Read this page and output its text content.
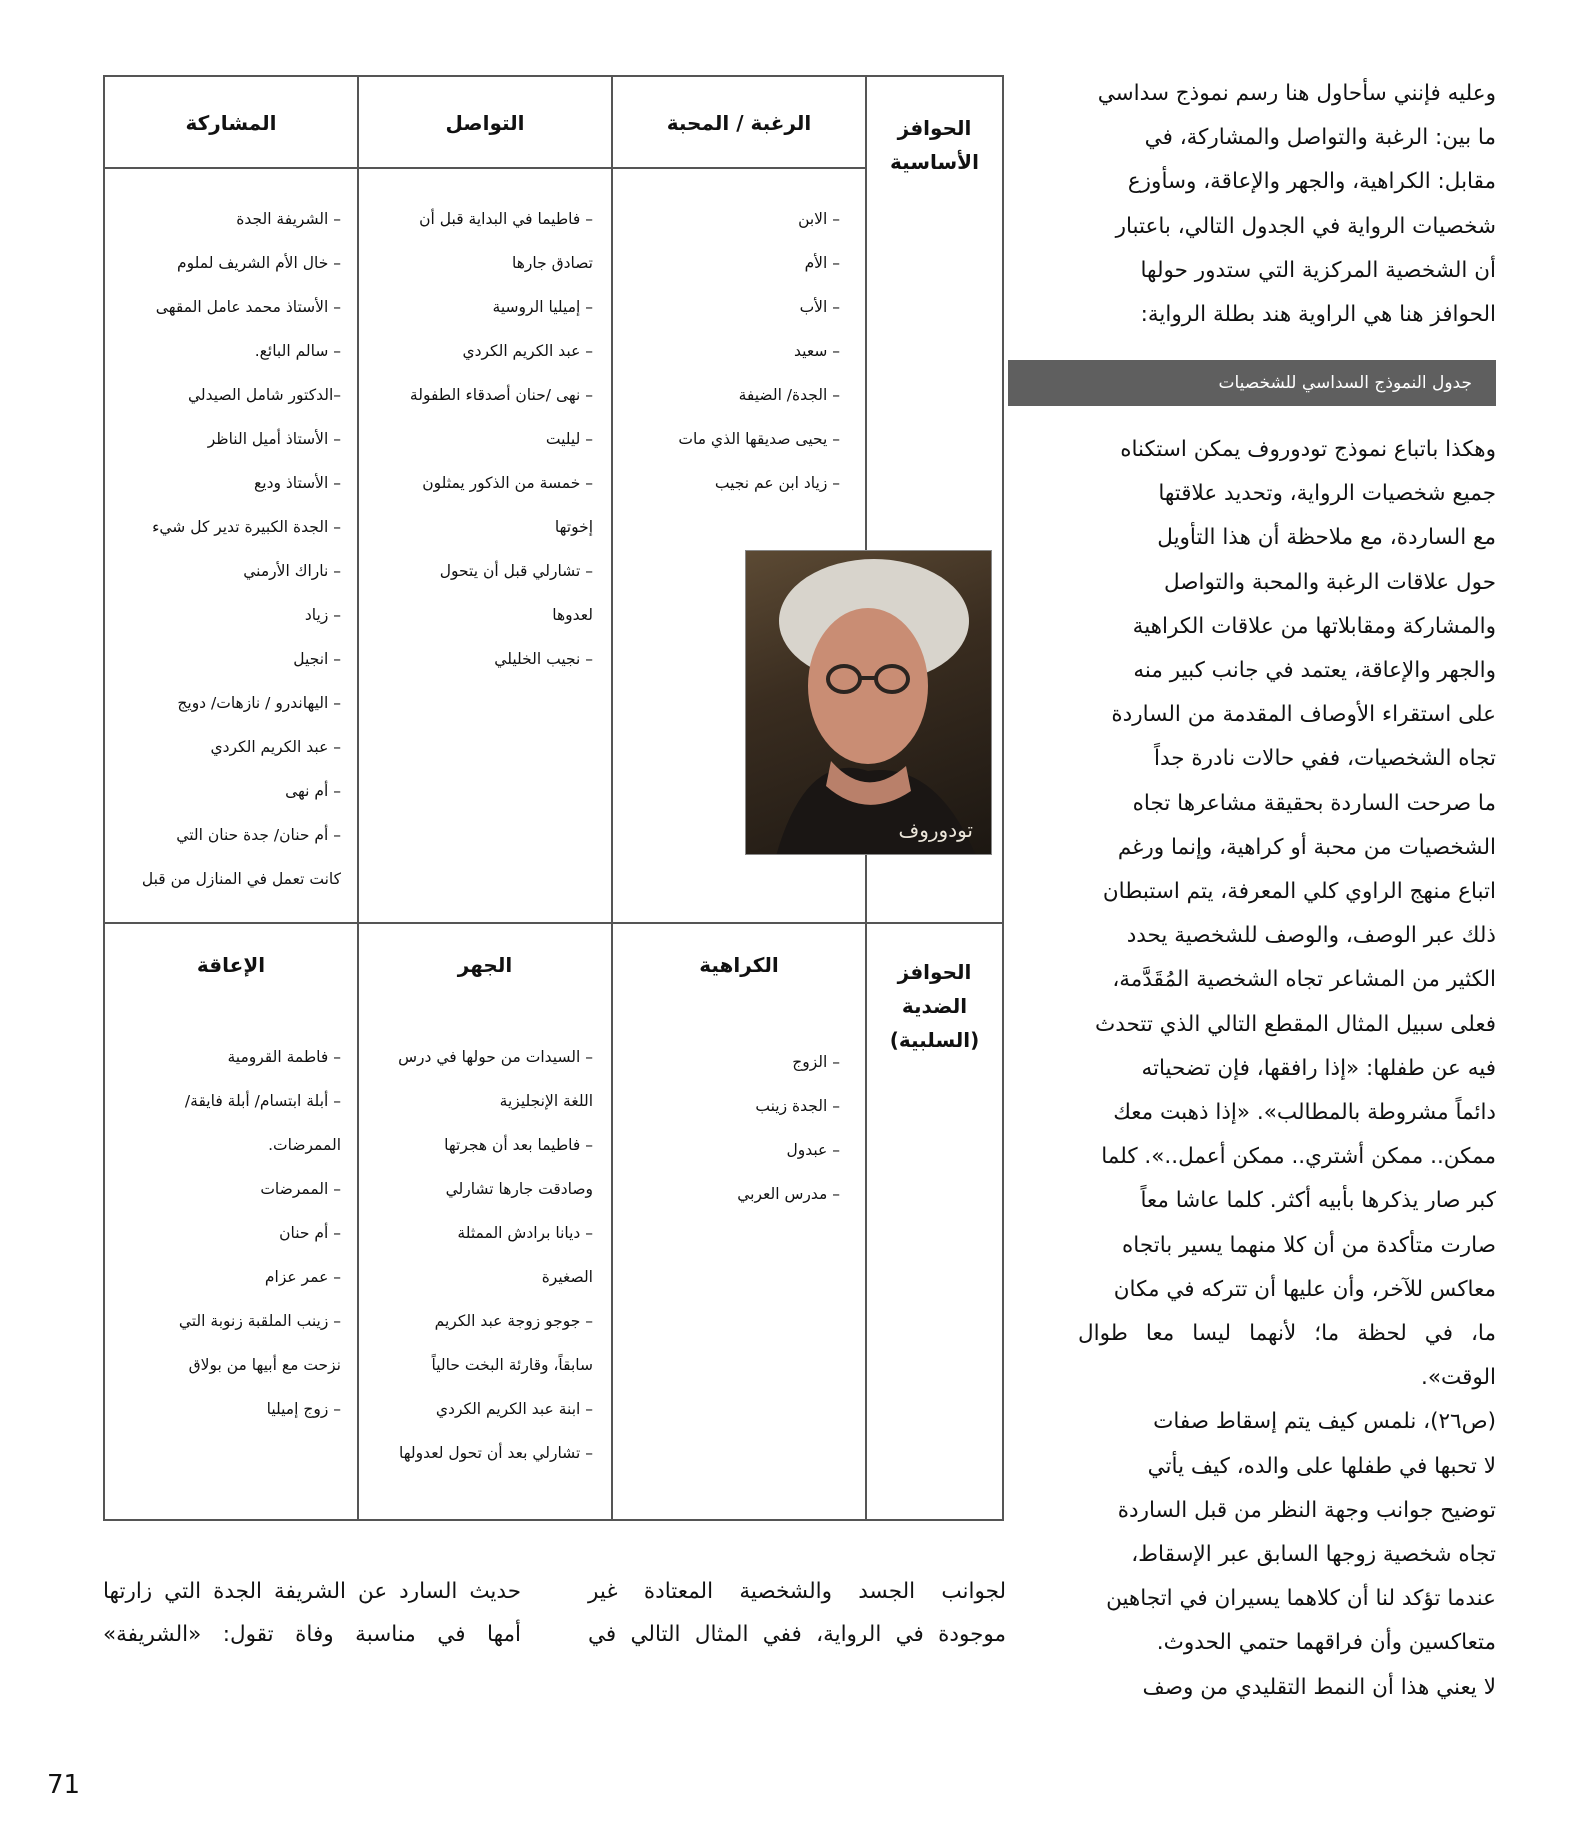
وعليه فإنني سأحاول هنا رسم نموذج سداسي

ما بين: الرغبة والتواصل والمشاركة، في

مقابل: الكراهية، والجهر والإعاقة، وسأوزع

شخصيات الرواية في الجدول التالي، باعتبار

أن الشخصية المركزية التي ستدور حولها

الحوافز هنا هي الراوية هند بطلة الرواية:

جدول النموذج السداسي للشخصيات

وهكذا باتباع نموذج تودوروف يمكن استكناه

جميع شخصيات الرواية، وتحديد علاقتها

مع الساردة، مع ملاحظة أن هذا التأويل

حول علاقات الرغبة والمحبة والتواصل

والمشاركة ومقابلاتها من علاقات الكراهية

والجهر والإعاقة، يعتمد في جانب كبير منه

على استقراء الأوصاف المقدمة من الساردة

تجاه الشخصيات، ففي حالات نادرة جداً

ما صرحت الساردة بحقيقة مشاعرها تجاه

الشخصيات من محبة أو كراهية، وإنما ورغم

اتباع منهج الراوي كلي المعرفة، يتم استبطان

ذلك عبر الوصف، والوصف للشخصية يحدد

الكثير من المشاعر تجاه الشخصية المُقَدَّمة،

فعلى سبيل المثال المقطع التالي الذي تتحدث

فيه عن طفلها: «إذا رافقها، فإن تضحياته

دائماً مشروطة بالمطالب». «إذا ذهبت معك

ممكن.. ممكن أشتري.. ممكن أعمل..». كلما

كبر صار يذكرها بأبيه أكثر. كلما عاشا معاً

صارت متأكدة من أن كلا منهما يسير باتجاه

معاكس للآخر، وأن عليها أن تتركه في مكان

ما، في لحظة ما؛ لأنهما ليسا معا طوال الوقت».

(ص٢٦)، نلمس كيف يتم إسقاط صفات

لا تحبها في طفلها على والده، كيف يأتي

توضيح جوانب وجهة النظر من قبل الساردة

تجاه شخصية زوجها السابق عبر الإسقاط،

عندما تؤكد لنا أن كلاهما يسيران في اتجاهين

متعاكسين وأن فراقهما حتمي الحدوث.

لا يعني هذا أن النمط التقليدي من وصف

الحوافز الأساسية
الحوافز الضدية (السلبية)
الرغبة / المحبة
التواصل
المشاركة
الكراهية
الجهر
الإعاقة
– الابن
– الأم
– الأب
– سعيد
– الجدة/ الضيفة
– يحيى صديقها الذي مات
– زياد ابن عم نجيب
– فاطيما في البداية قبل أن
تصادق جارها
– إميليا الروسية
– عبد الكريم الكردي
– نهى /حنان أصدقاء الطفولة
– ليليت
– خمسة من الذكور يمثلون
إخوتها
– تشارلي قبل أن يتحول
لعدوها
– نجيب الخليلي
– الشريفة الجدة
– خال الأم الشريف لملوم
– الأستاذ محمد عامل المقهى
– سالم البائع.
–الدكتور شامل الصيدلي
– الأستاذ أميل الناظر
– الأستاذ وديع
– الجدة الكبيرة تدير كل شيء
– ناراك الأرمني
– زياد
– انجيل
– اليهاندرو / نازهات/ دويج
– عبد الكريم الكردي
– أم نهى
– أم حنان/ جدة حنان التي
كانت تعمل في المنازل من قبل
– الزوج
– الجدة زينب
– عبدول
– مدرس العربي
– السيدات من حولها في درس
اللغة الإنجليزية
– فاطيما بعد أن هجرتها
وصادقت جارها تشارلي
– ديانا برادش الممثلة
الصغيرة
– جوجو زوجة عبد الكريم
سابقاً، وقارئة البخت حالياً
– ابنة عبد الكريم الكردي
– تشارلي بعد أن تحول لعدولها
– فاطمة القرومية
– أبلة ابتسام/ أبلة فايقة/
الممرضات.
– الممرضات
– أم حنان
– عمر عزام
– زينب الملقبة زنوبة التي
نزحت مع أبيها من بولاق
– زوج إميليا
تودوروف
لجوانب الجسد والشخصية المعتادة غير
موجودة في الرواية، ففي المثال التالي في
حديث السارد عن الشريفة الجدة التي زارتها
أمها في مناسبة وفاة تقول: «الشريفة»
71
